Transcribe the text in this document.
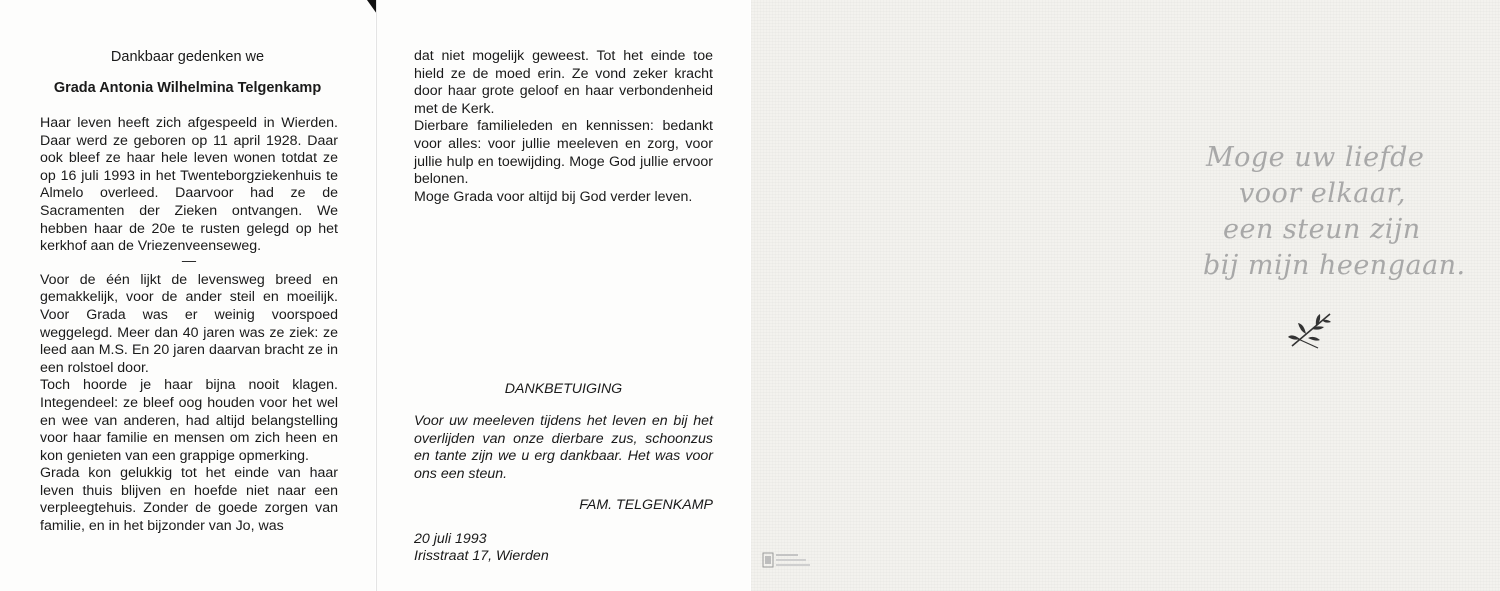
Dankbaar gedenken we
Grada Antonia Wilhelmina Telgenkamp

Haar leven heeft zich afgespeeld in Wierden. Daar werd ze geboren op 11 april 1928. Daar ook bleef ze haar hele leven wonen totdat ze op 16 juli 1993 in het Twenteborgziekenhuis te Almelo overleed. Daarvoor had ze de Sacramenten der Zieken ontvangen. We hebben haar de 20e te rusten gelegd op het kerkhof aan de Vriezenveenseweg.

—

Voor de één lijkt de levensweg breed en gemakkelijk, voor de ander steil en moeilijk. Voor Grada was er weinig voorspoed weggelegd. Meer dan 40 jaren was ze ziek: ze leed aan M.S. En 20 jaren daarvan bracht ze in een rolstoel door.

Toch hoorde je haar bijna nooit klagen. Integendeel: ze bleef oog houden voor het wel en wee van anderen, had altijd belangstelling voor haar familie en mensen om zich heen en kon genieten van een grappige opmerking.

Grada kon gelukkig tot het einde van haar leven thuis blijven en hoefde niet naar een verpleegtehuis. Zonder de goede zorgen van familie, en in het bijzonder van Jo, was

dat niet mogelijk geweest. Tot het einde toe hield ze de moed erin. Ze vond zeker kracht door haar grote geloof en haar verbondenheid met de Kerk.

Dierbare familieleden en kennissen: bedankt voor alles: voor jullie meeleven en zorg, voor jullie hulp en toewijding. Moge God jullie ervoor belonen.

Moge Grada voor altijd bij God verder leven.

DANKBETUIGING
Voor uw meeleven tijdens het leven en bij het overlijden van onze dierbare zus, schoonzus en tante zijn we u erg dankbaar. Het was voor ons een steun.
FAM. TELGENKAMP
20 juli 1993
Irisstraat 17, Wierden
Moge uw liefde
voor elkaar,
een steun zijn
bij mijn heengaan.
